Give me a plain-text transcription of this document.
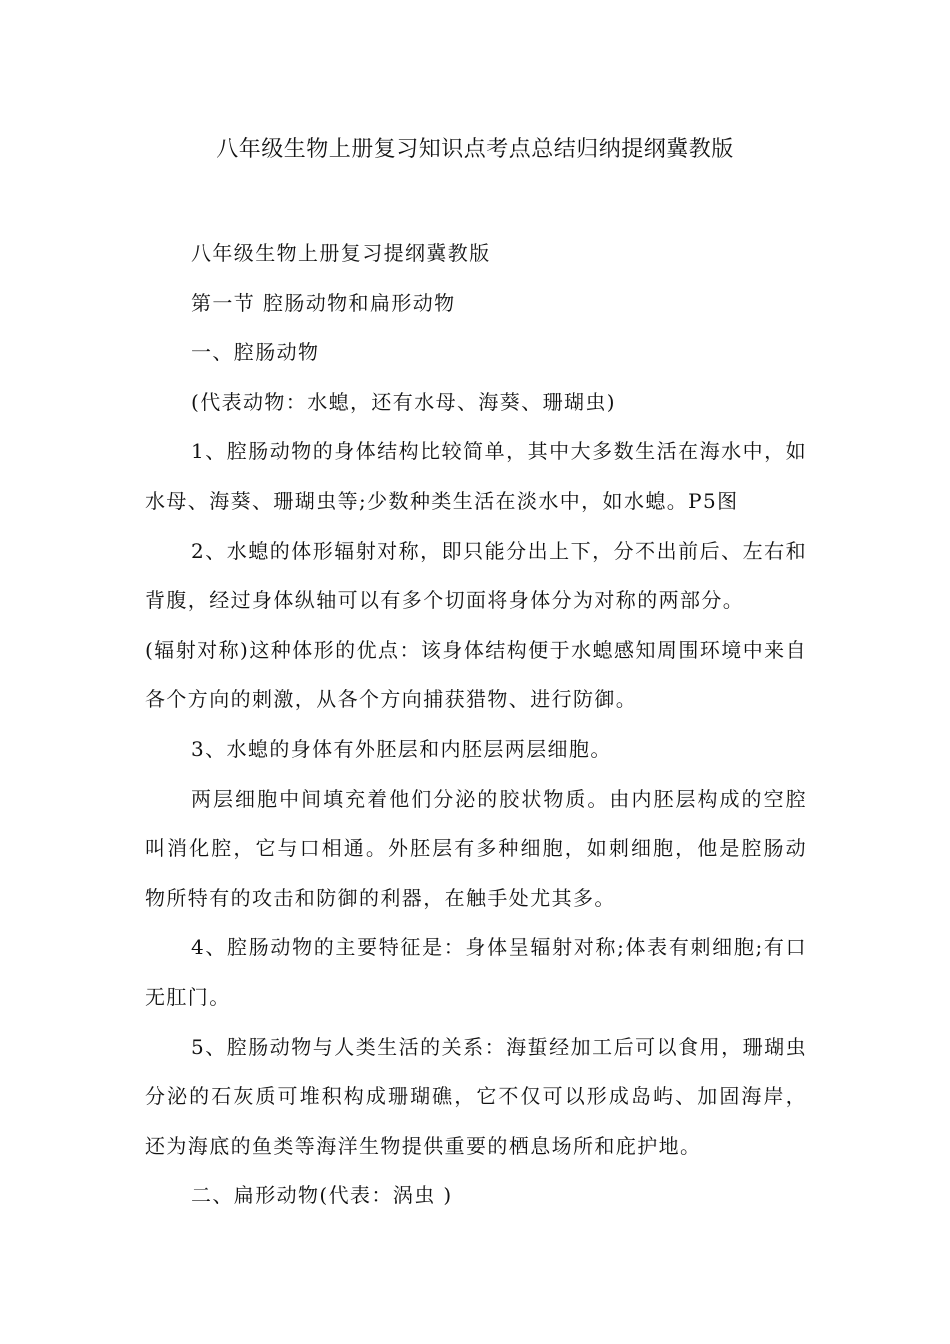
八年级生物上册复习知识点考点总结归纳提纲冀教版

八年级生物上册复习提纲冀教版

第一节 腔肠动物和扁形动物

一、腔肠动物

(代表动物：水螅，还有水母、海葵、珊瑚虫)

1、腔肠动物的身体结构比较简单，其中大多数生活在海水中，如水母、海葵、珊瑚虫等;少数种类生活在淡水中，如水螅。P5图

2、水螅的体形辐射对称，即只能分出上下，分不出前后、左右和背腹，经过身体纵轴可以有多个切面将身体分为对称的两部分。

(辐射对称)这种体形的优点：该身体结构便于水螅感知周围环境中来自各个方向的刺激，从各个方向捕获猎物、进行防御。

3、水螅的身体有外胚层和内胚层两层细胞。

两层细胞中间填充着他们分泌的胶状物质。由内胚层构成的空腔叫消化腔，它与口相通。外胚层有多种细胞，如刺细胞，他是腔肠动物所特有的攻击和防御的利器，在触手处尤其多。

4、腔肠动物的主要特征是：身体呈辐射对称;体表有刺细胞;有口无肛门。

5、腔肠动物与人类生活的关系：海蜇经加工后可以食用，珊瑚虫分泌的石灰质可堆积构成珊瑚礁，它不仅可以形成岛屿、加固海岸，还为海底的鱼类等海洋生物提供重要的栖息场所和庇护地。

二、扁形动物(代表：涡虫 )
